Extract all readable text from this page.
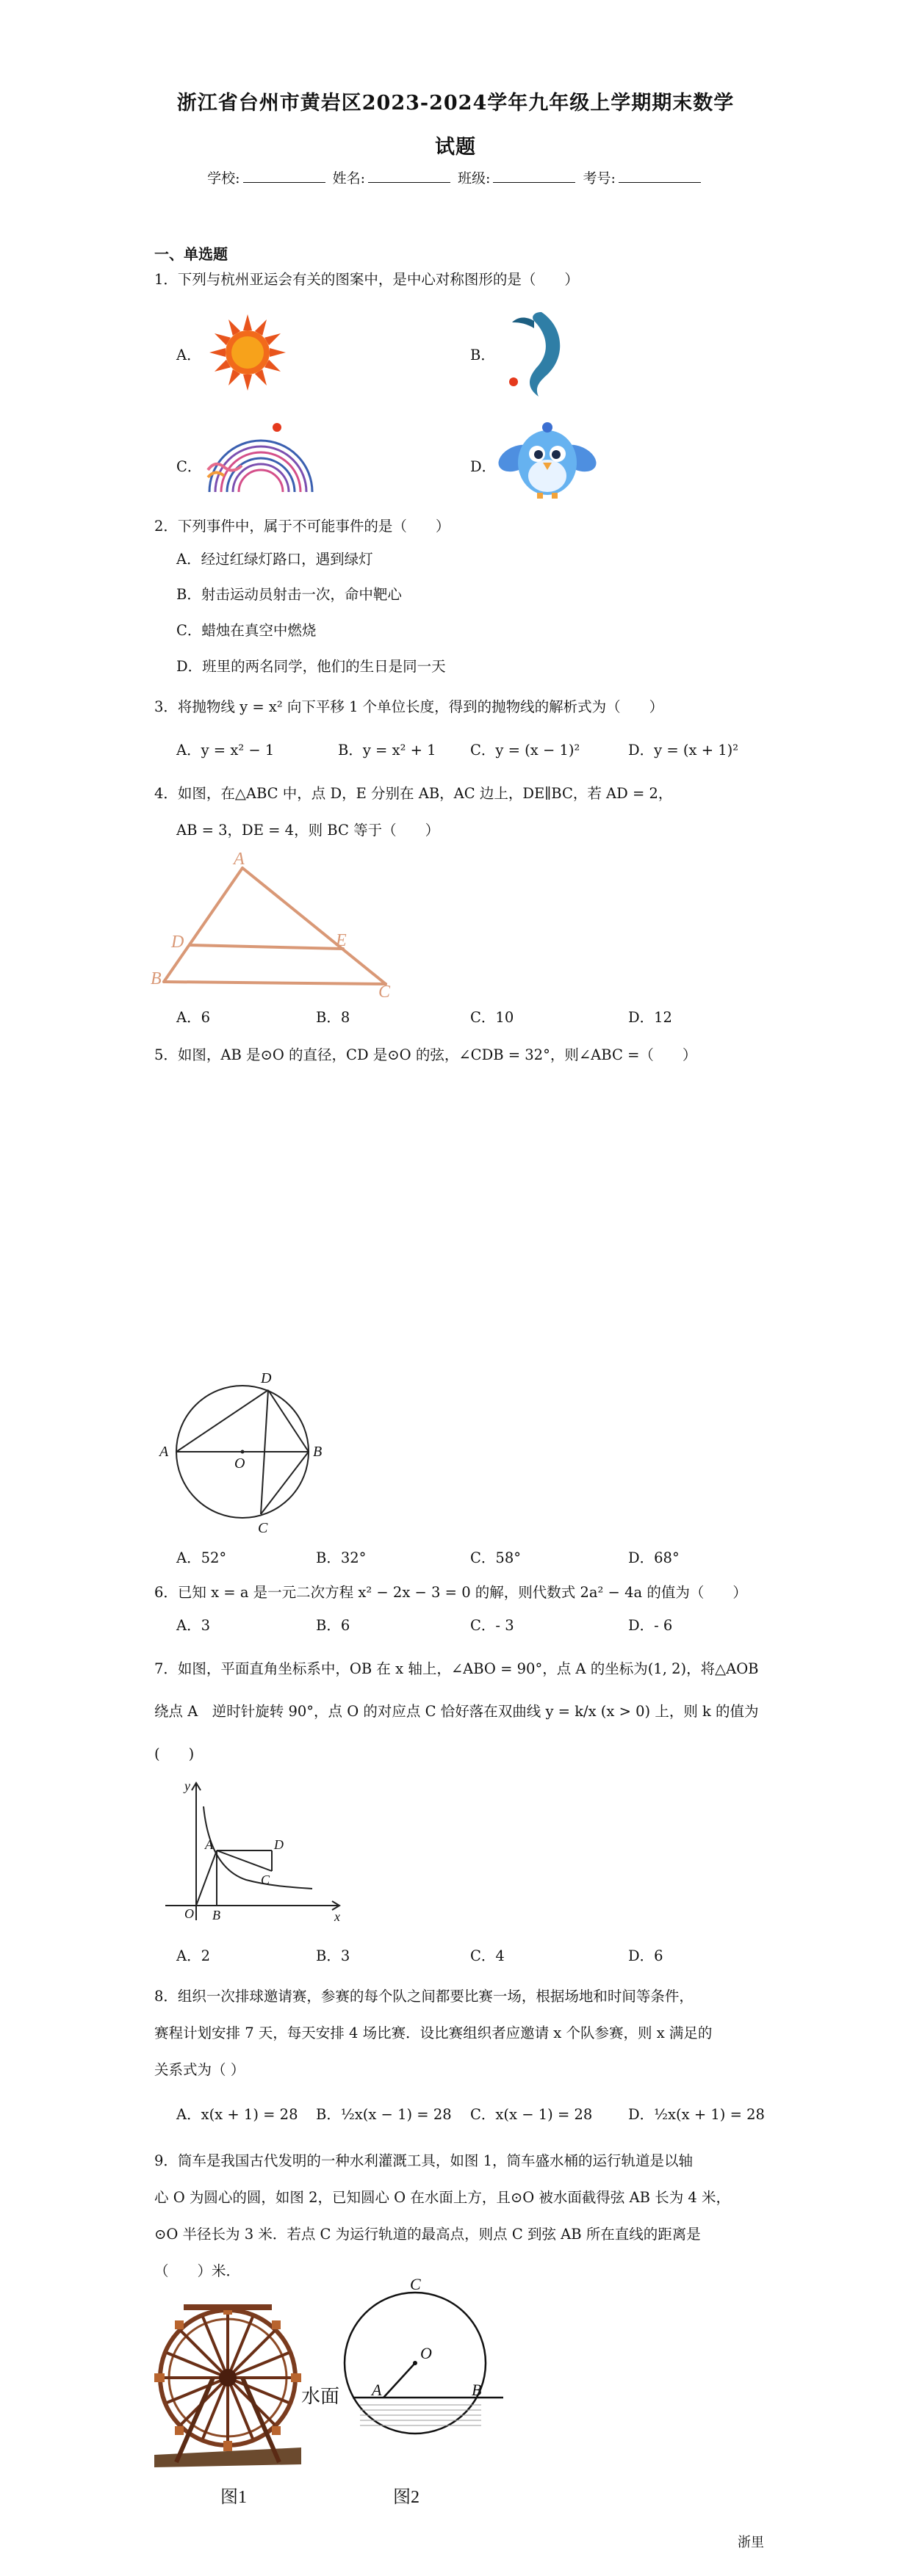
浙江省台州市黄岩区2023-2024学年九年级上学期期末数学
试题
学校:	姓名:	班级:	考号:
一、单选题
1．下列与杭州亚运会有关的图案中，是中心对称图形的是（　　）
A．	B．
C．	D．
2．下列事件中，属于不可能事件的是（　　）
A．经过红绿灯路口，遇到绿灯
B．射击运动员射击一次，命中靶心
C．蜡烛在真空中燃烧
D．班里的两名同学，他们的生日是同一天
3．将抛物线 y = x² 向下平移 1 个单位长度，得到的抛物线的解析式为（　　）
A．y = x² − 1	B．y = x² + 1 C．y = (x − 1)²	D．y = (x + 1)²
4．如图，在△ABC 中，点 D，E 分别在 AB，AC 边上，DE∥BC，若 AD = 2，
AB = 3，DE = 4，则 BC 等于（　　）
A
D	E
B
C
A．6	B．8	C．10	D．12
5．如图，AB 是⊙O 的直径，CD 是⊙O 的弦，∠CDB = 32°，则∠ABC =（　　）
D
A
O
B
C
A．52°	B．32°	C．58°	D．68°
6．已知 x = a 是一元二次方程 x² − 2x − 3 = 0 的解，则代数式 2a² − 4a 的值为（　　）
A．3	B．6	C．- 3	D．- 6
7．如图，平面直角坐标系中，OB 在 x 轴上，∠ABO = 90°，点 A 的坐标为(1, 2)，将△AOB
绕点 A　逆时针旋转 90°，点 O 的对应点 C 恰好落在双曲线 y = k/x (x > 0) 上，则 k 的值为
(　　)
y
A	D
C
O B	x
A．2	B．3	C．4	D．6
8．组织一次排球邀请赛，参赛的每个队之间都要比赛一场，根据场地和时间等条件，
赛程计划安排 7 天，每天安排 4 场比赛．设比赛组织者应邀请 x 个队参赛，则 x 满足的
关系式为（ ）
A．x(x + 1) = 28 B．½x(x − 1) = 28 C．x(x − 1) = 28 D．½x(x + 1) = 28
9．筒车是我国古代发明的一种水利灌溉工具，如图 1，筒车盛水桶的运行轨道是以轴
心 O 为圆心的圆，如图 2，已知圆心 O 在水面上方，且⊙O 被水面截得弦 AB 长为 4 米，
⊙O 半径长为 3 米．若点 C 为运行轨道的最高点，则点 C 到弦 AB 所在直线的距离是
（　　）米．
图1
C
O
A	B
水面
图2
浙里
